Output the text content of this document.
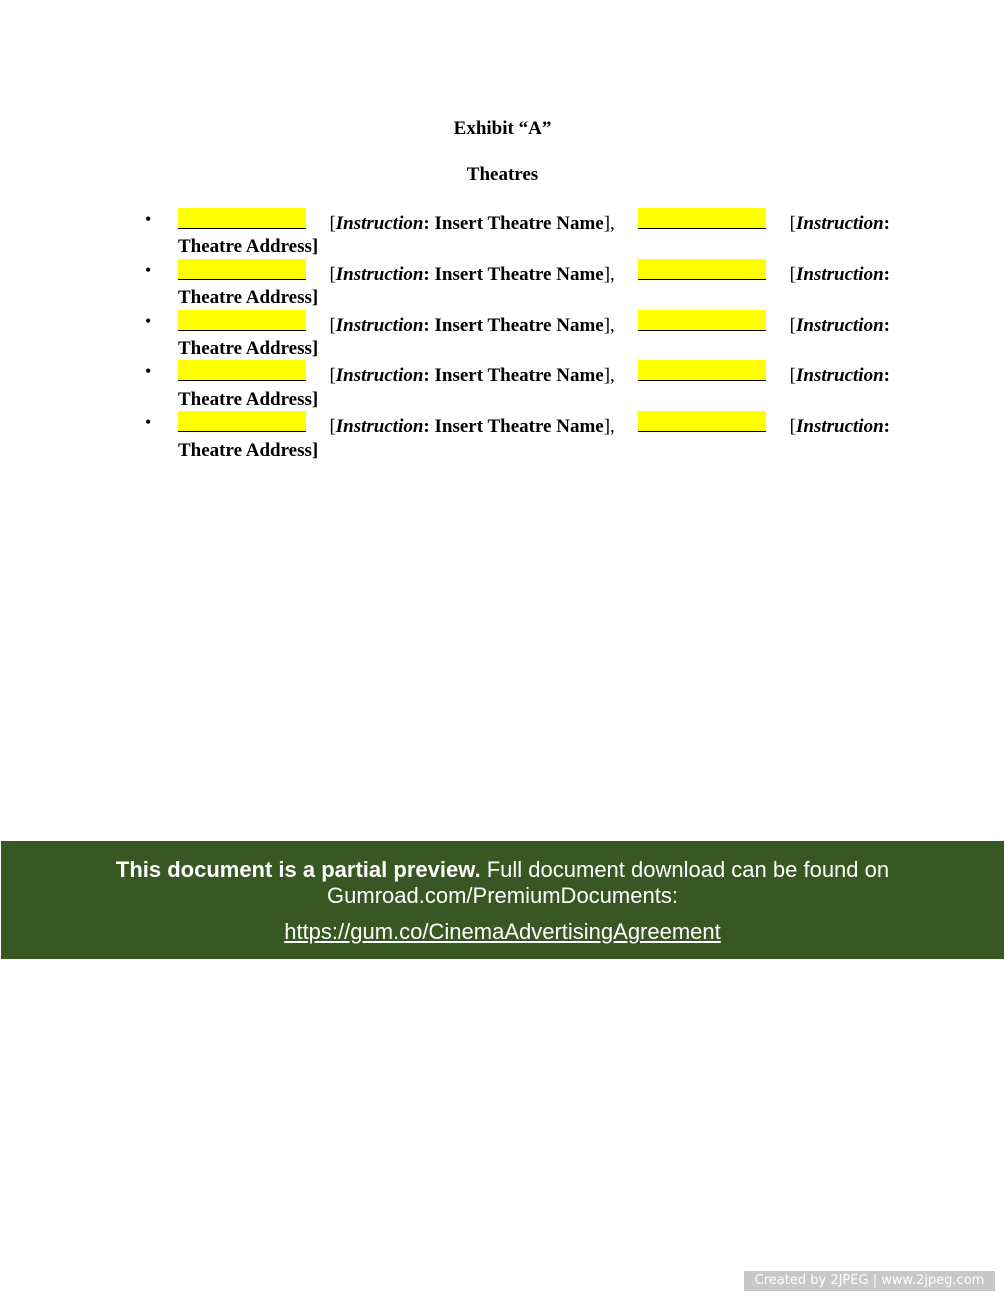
Exhibit “A”
Theatres
•	[Instruction: Insert Theatre Name],	[Instruction:
Theatre Address]
•	[Instruction: Insert Theatre Name],	[Instruction:
Theatre Address]
•	[Instruction: Insert Theatre Name],	[Instruction:
Theatre Address]
•	[Instruction: Insert Theatre Name],	[Instruction:
Theatre Address]
•	[Instruction: Insert Theatre Name],	[Instruction:
Theatre Address]
This document is a partial preview. Full document download can be found on Gumroad.com/PremiumDocuments:
https://gum.co/CinemaAdvertisingAgreement
Created by 2JPEG | www.2jpeg.com
